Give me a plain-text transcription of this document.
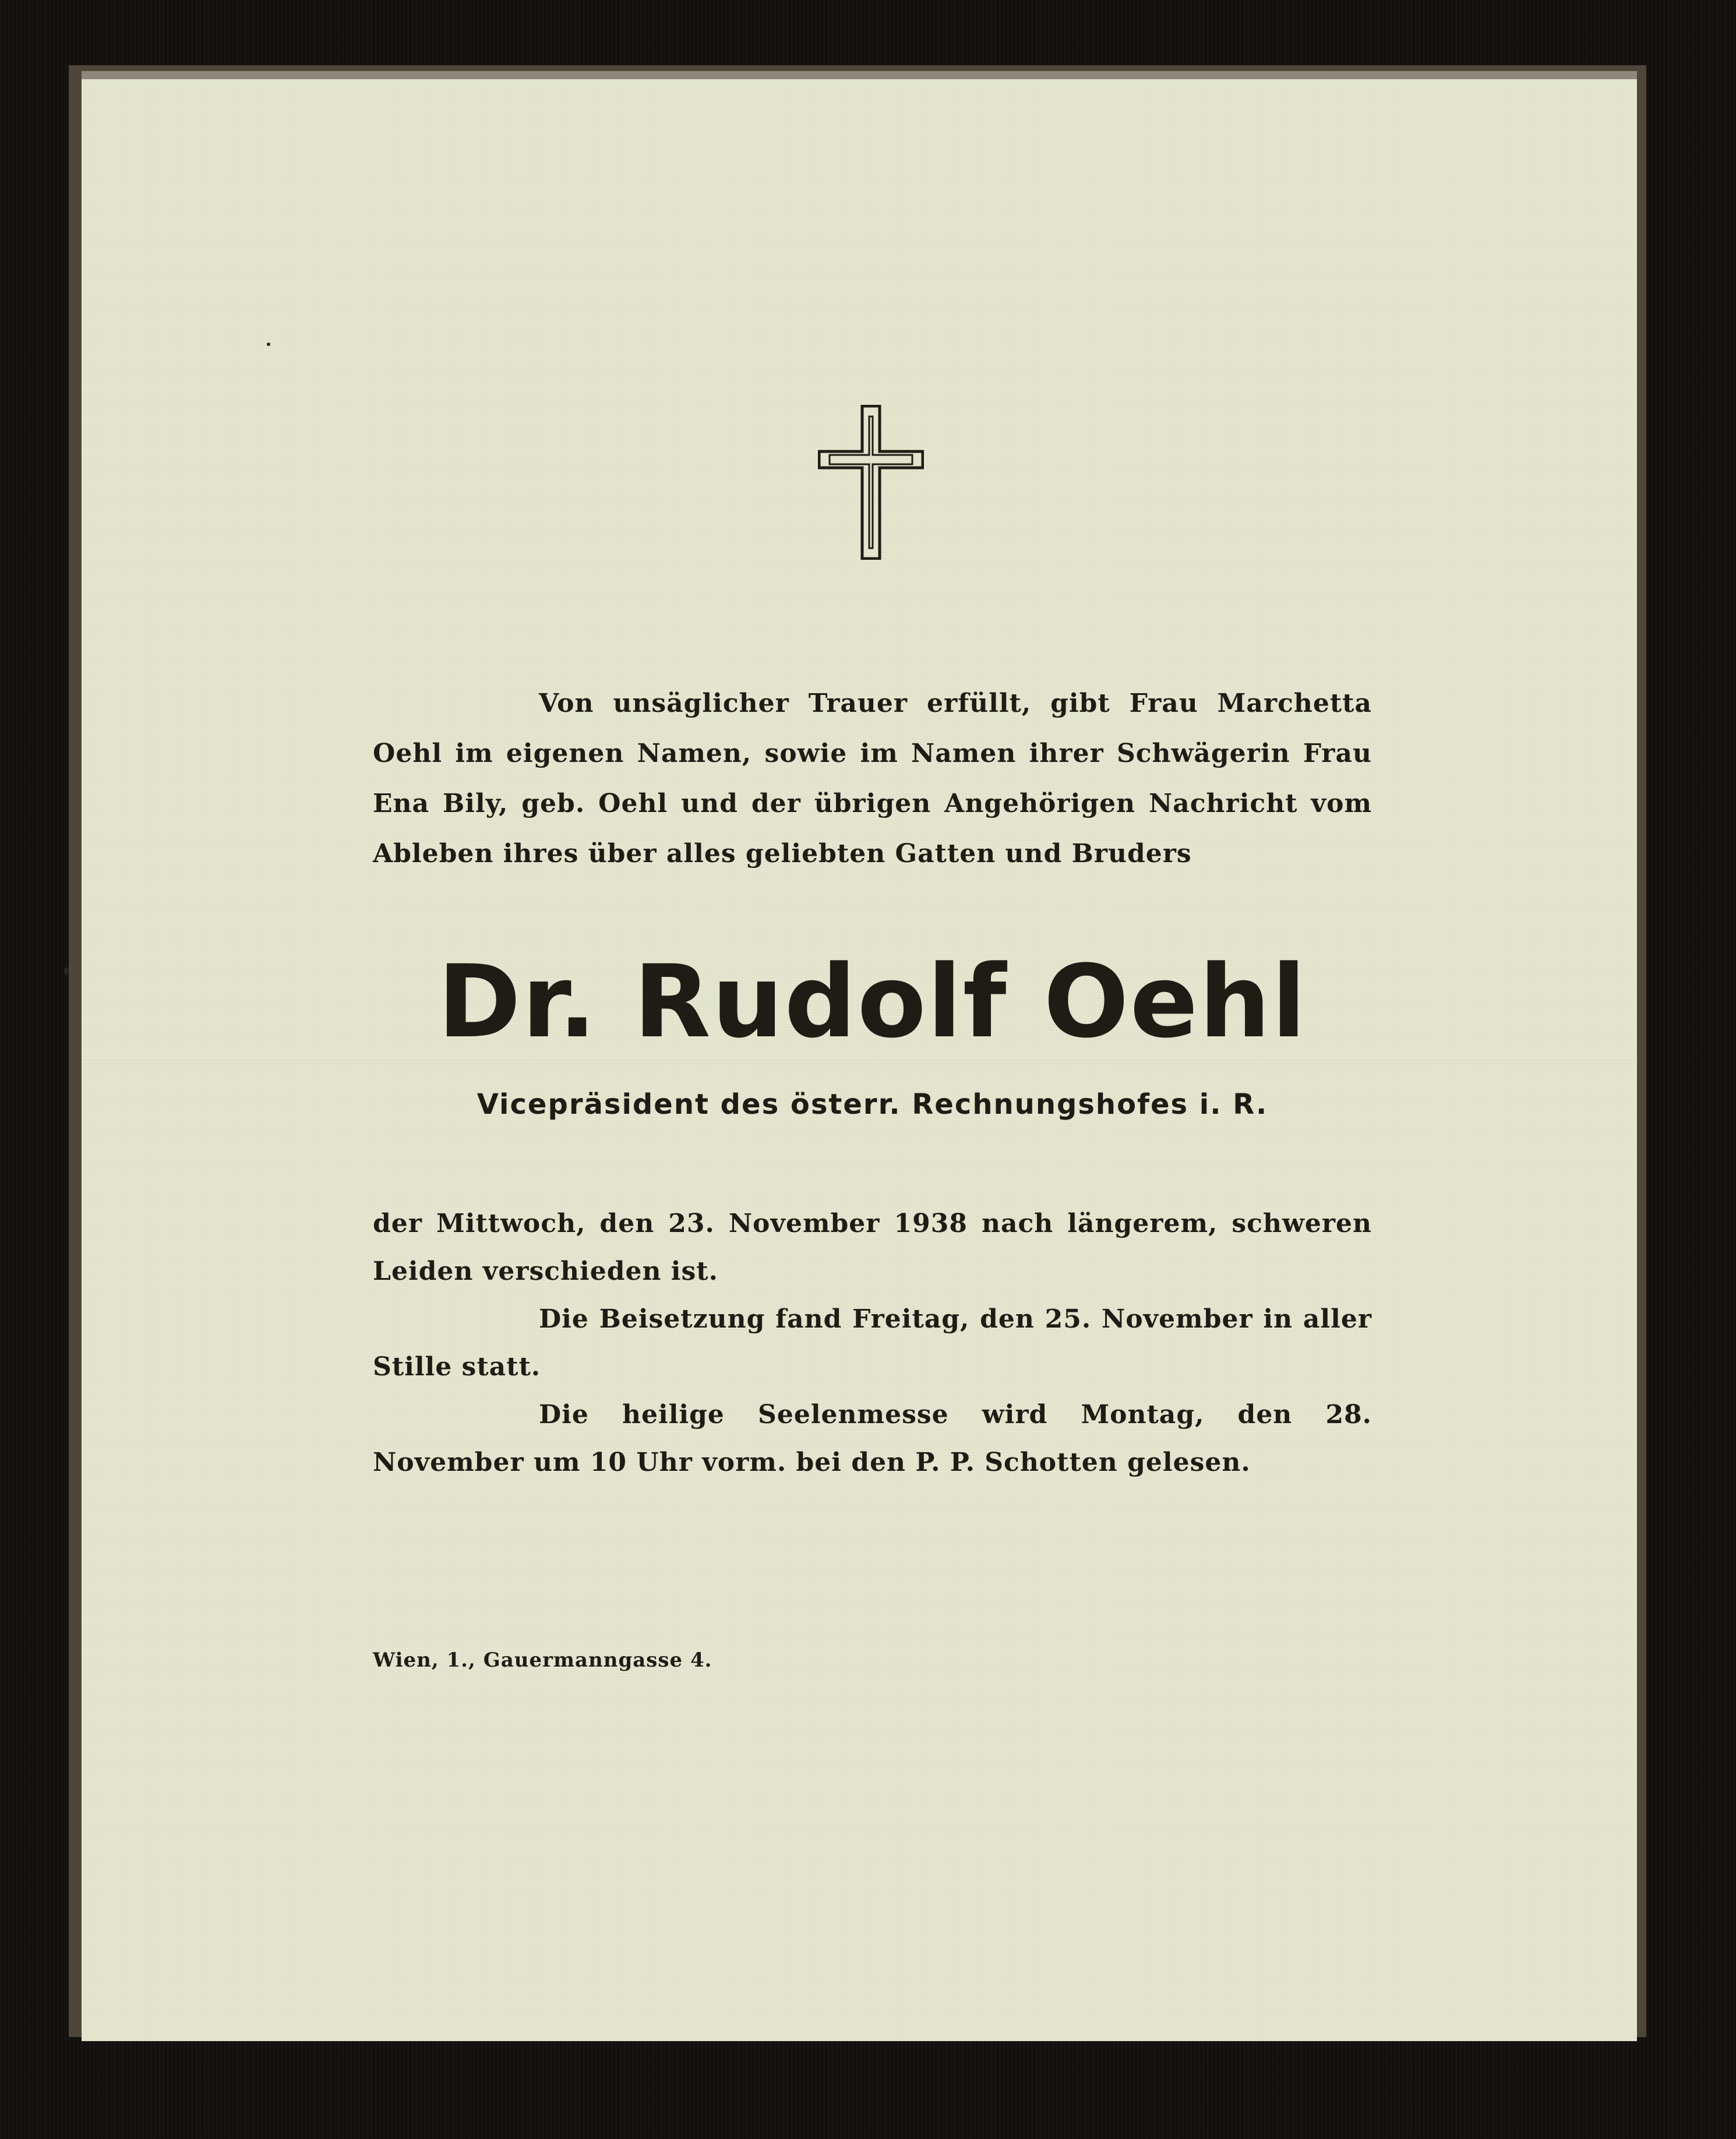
Von unsäglicher Trauer erfüllt, gibt Frau Marchetta Oehl im eigenen Namen, sowie im Namen ihrer Schwägerin Frau Ena Bily, geb. Oehl und der übrigen Angehörigen Nachricht vom Ableben ihres über alles geliebten Gatten und Bruders
Dr. Rudolf Oehl
Vicepräsident des österr. Rechnungshofes i. R.

der Mittwoch, den 23. November 1938 nach längerem, schweren Leiden verschieden ist.

Die Beisetzung fand Freitag, den 25. November in aller Stille statt.

Die heilige Seelenmesse wird Montag, den 28. November um 10 Uhr vorm. bei den P. P. Schotten gelesen.

Wien, 1., Gauermanngasse 4.
